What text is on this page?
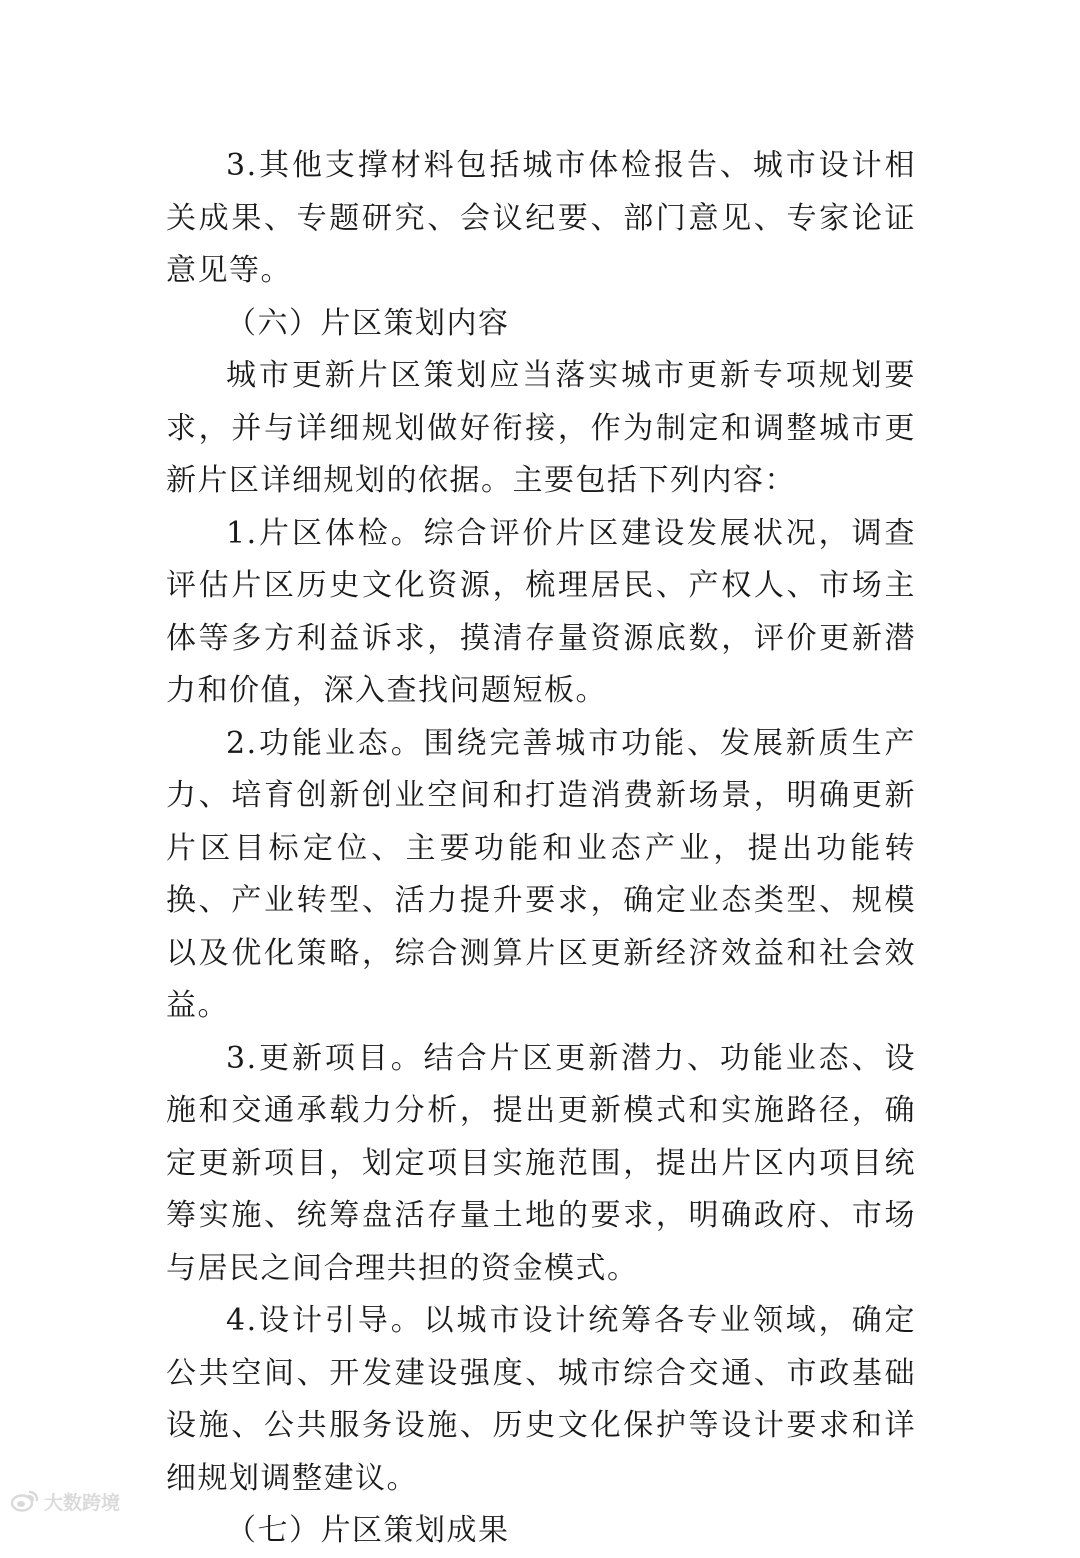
3.其他支撑材料包括城市体检报告、城市设计相关成果、专题研究、会议纪要、部门意见、专家论证意见等。

（六）片区策划内容

城市更新片区策划应当落实城市更新专项规划要求，并与详细规划做好衔接，作为制定和调整城市更新片区详细规划的依据。主要包括下列内容：

1.片区体检。综合评价片区建设发展状况，调查评估片区历史文化资源，梳理居民、产权人、市场主体等多方利益诉求，摸清存量资源底数，评价更新潜力和价值，深入查找问题短板。

2.功能业态。围绕完善城市功能、发展新质生产力、培育创新创业空间和打造消费新场景，明确更新片区目标定位、主要功能和业态产业，提出功能转换、产业转型、活力提升要求，确定业态类型、规模以及优化策略，综合测算片区更新经济效益和社会效益。

3.更新项目。结合片区更新潜力、功能业态、设施和交通承载力分析，提出更新模式和实施路径，确定更新项目，划定项目实施范围，提出片区内项目统筹实施、统筹盘活存量土地的要求，明确政府、市场与居民之间合理共担的资金模式。

4.设计引导。以城市设计统筹各专业领域，确定公共空间、开发建设强度、城市综合交通、市政基础设施、公共服务设施、历史文化保护等设计要求和详细规划调整建议。

（七）片区策划成果

大数跨境
